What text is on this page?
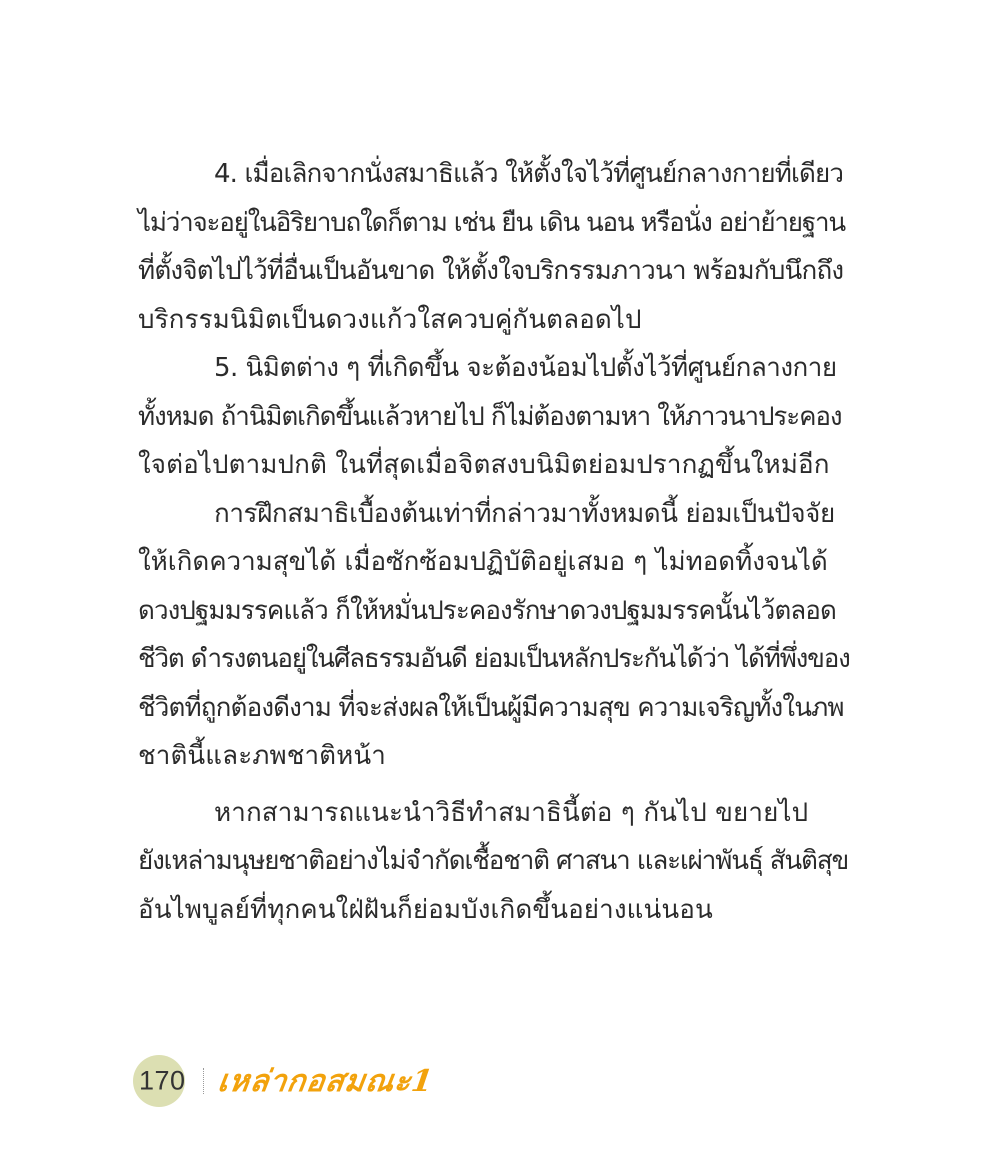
4. เมื่อเลิกจากนั่งสมาธิแล้ว ให้ตั้งใจไว้ที่ศูนย์กลางกายที่เดียว
ไม่ว่าจะอยู่ในอิริยาบถใดก็ตาม เช่น ยืน เดิน นอน หรือนั่ง อย่าย้ายฐาน
ที่ตั้งจิตไปไว้ที่อื่นเป็นอันขาด ให้ตั้งใจบริกรรมภาวนา พร้อมกับนึกถึง
บริกรรมนิมิตเป็นดวงแก้วใสควบคู่กันตลอดไป

5. นิมิตต่าง ๆ ที่เกิดขึ้น จะต้องน้อมไปตั้งไว้ที่ศูนย์กลางกาย
ทั้งหมด ถ้านิมิตเกิดขึ้นแล้วหายไป ก็ไม่ต้องตามหา ให้ภาวนาประคอง
ใจต่อไปตามปกติ ในที่สุดเมื่อจิตสงบนิมิตย่อมปรากฏขึ้นใหม่อีก

การฝึกสมาธิเบื้องต้นเท่าที่กล่าวมาทั้งหมดนี้ ย่อมเป็นปัจจัย
ให้เกิดความสุขได้ เมื่อซักซ้อมปฏิบัติอยู่เสมอ ๆ ไม่ทอดทิ้งจนได้
ดวงปฐมมรรคแล้ว ก็ให้หมั่นประคองรักษาดวงปฐมมรรคนั้นไว้ตลอด
ชีวิต ดำรงตนอยู่ในศีลธรรมอันดี ย่อมเป็นหลักประกันได้ว่า ได้ที่พึ่งของ
ชีวิตที่ถูกต้องดีงาม ที่จะส่งผลให้เป็นผู้มีความสุข ความเจริญทั้งในภพ
ชาตินี้และภพชาติหน้า

หากสามารถแนะนำวิธีทำสมาธินี้ต่อ ๆ กันไป ขยายไป
ยังเหล่ามนุษยชาติอย่างไม่จำกัดเชื้อชาติ ศาสนา และเผ่าพันธุ์ สันติสุข
อันไพบูลย์ที่ทุกคนใฝ่ฝันก็ย่อมบังเกิดขึ้นอย่างแน่นอน

170 เหล่ากอสมณะ1
